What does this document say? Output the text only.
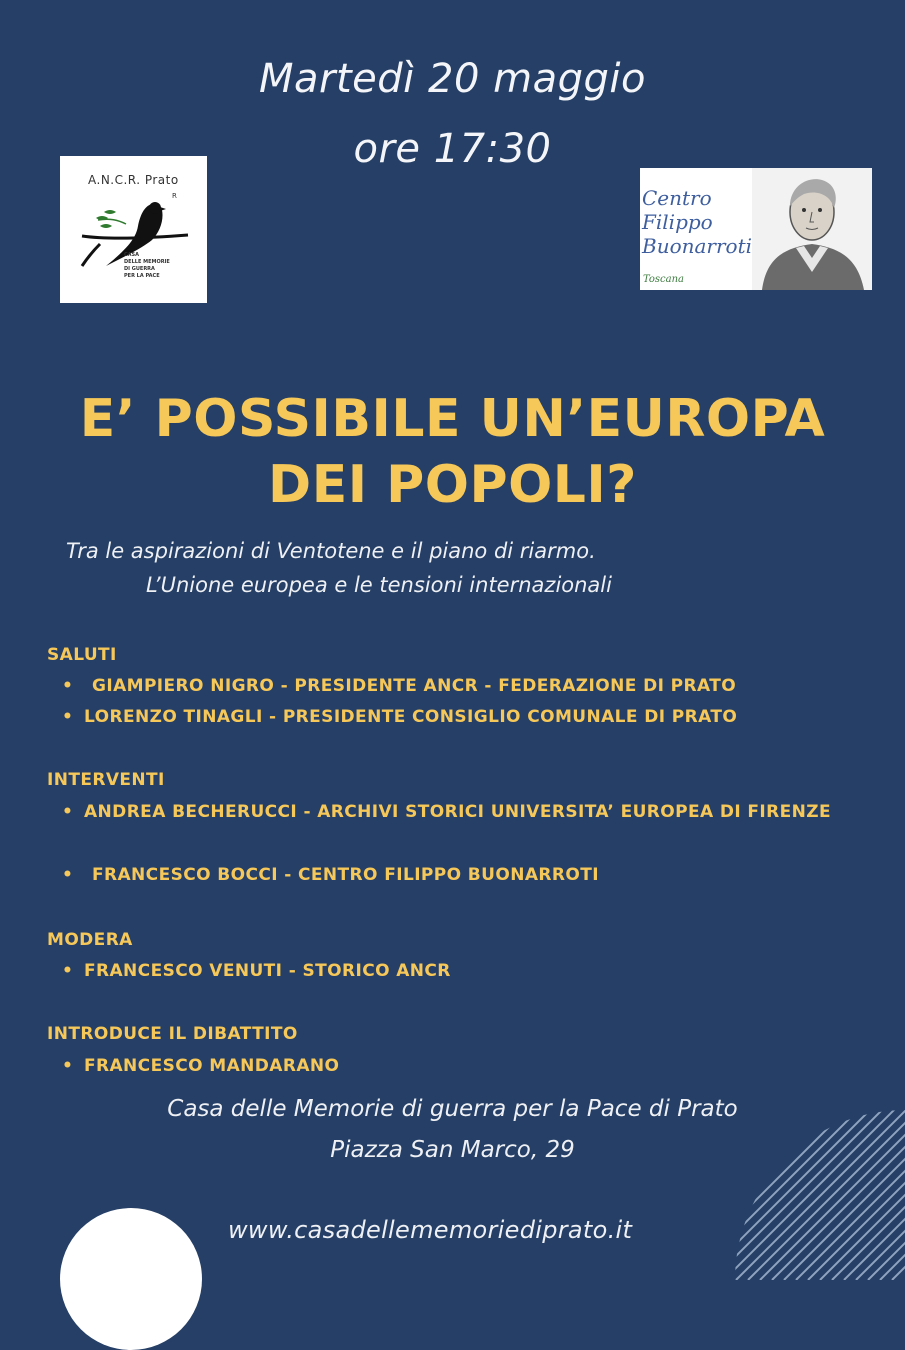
Martedì 20 maggio
ore 17:30
A.N.C.R. Prato
R
CASA
DELLE MEMORIE
DI GUERRA
PER LA PACE
Centro
Filippo
Buonarroti
Toscana
E’ POSSIBILE UN’EUROPA
DEI POPOLI?
Tra le aspirazioni di Ventotene e il piano di riarmo.
L’Unione europea e le tensioni internazionali
SALUTI
•	GIAMPIERO NIGRO - PRESIDENTE ANCR - FEDERAZIONE DI PRATO
• LORENZO TINAGLI - PRESIDENTE CONSIGLIO COMUNALE DI PRATO
INTERVENTI
• ANDREA BECHERUCCI - ARCHIVI STORICI UNIVERSITA’ EUROPEA DI FIRENZE
•	FRANCESCO BOCCI - CENTRO FILIPPO BUONARROTI
MODERA
• FRANCESCO VENUTI - STORICO ANCR
INTRODUCE IL DIBATTITO
• FRANCESCO MANDARANO
Casa delle Memorie di guerra per la Pace di Prato
Piazza San Marco, 29
www.casadellememoriediprato.it
